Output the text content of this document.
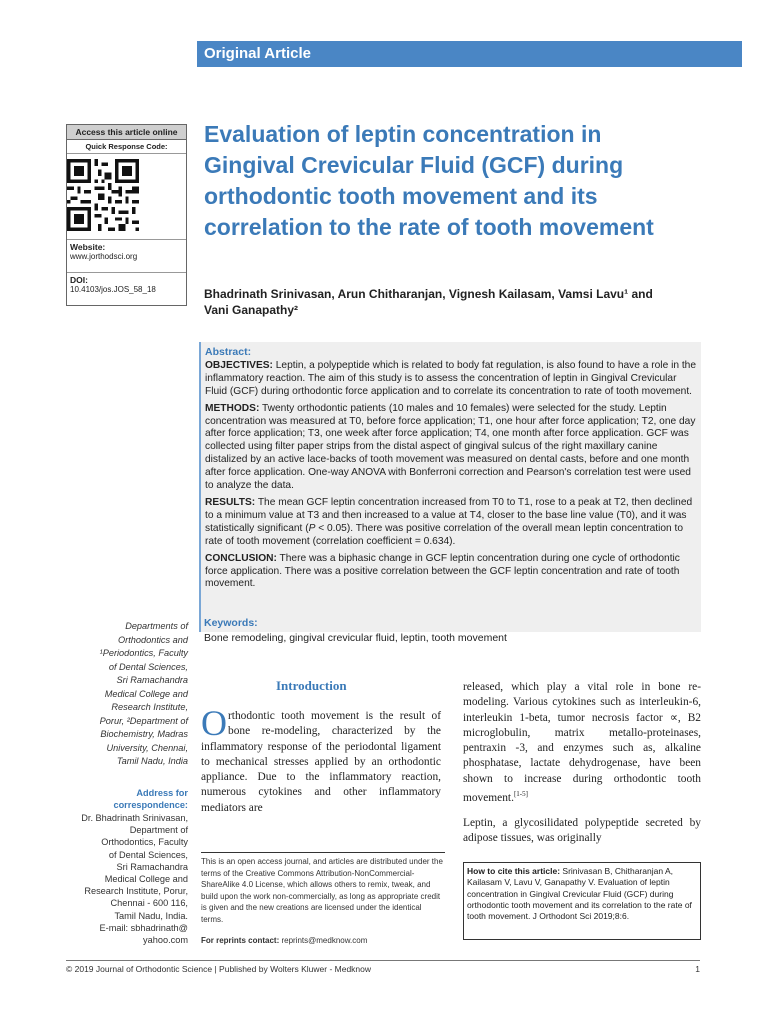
Original Article
Access this article online
Quick Response Code:
Website:
www.jorthodsci.org
DOI:
10.4103/jos.JOS_58_18
Evaluation of leptin concentration in Gingival Crevicular Fluid (GCF) during orthodontic tooth movement and its correlation to the rate of tooth movement
Bhadrinath Srinivasan, Arun Chitharanjan, Vignesh Kailasam, Vamsi Lavu¹ and
Vani Ganapathy²
Abstract:

OBJECTIVES: Leptin, a polypeptide which is related to body fat regulation, is also found to have a role in the inflammatory reaction. The aim of this study is to assess the concentration of leptin in Gingival Crevicular Fluid (GCF) during orthodontic force application and to correlate its concentration to rate of tooth movement.

METHODS: Twenty orthodontic patients (10 males and 10 females) were selected for the study. Leptin concentration was measured at T0, before force application; T1, one hour after force application; T2, one day after force application; T3, one week after force application; T4, one month after force application. GCF was collected using filter paper strips from the distal aspect of gingival sulcus of the right maxillary canine distalized by an active lace-backs of tooth movement was measured on dental casts, before and one month after force application. One-way ANOVA with Bonferroni correction and Pearson's correlation test were used to analyze the data.

RESULTS: The mean GCF leptin concentration increased from T0 to T1, rose to a peak at T2, then declined to a minimum value at T3 and then increased to a value at T4, closer to the base line value (T0), and it was statistically significant (P < 0.05). There was positive correlation of the overall mean leptin concentration to rate of tooth movement (correlation coefficient = 0.634).

CONCLUSION: There was a biphasic change in GCF leptin concentration during one cycle of orthodontic force application. There was a positive correlation between the GCF leptin concentration and rate of tooth movement.

Keywords:
Bone remodeling, gingival crevicular fluid, leptin, tooth movement
Departments of
Orthodontics and
¹Periodontics, Faculty
of Dental Sciences,
Sri Ramachandra
Medical College and
Research Institute,
Porur, ²Department of
Biochemistry, Madras
University, Chennai,
Tamil Nadu, India
Address for
correspondence:
Dr. Bhadrinath Srinivasan,
Department of
Orthodontics, Faculty
of Dental Sciences,
Sri Ramachandra
Medical College and
Research Institute, Porur,
Chennai - 600 116,
Tamil Nadu, India.
E-mail: sbhadrinath@
yahoo.com
Introduction
Orthodontic tooth movement is the result of bone re-modeling, characterized by the inflammatory response of the periodontal ligament to mechanical stresses applied by an orthodontic appliance. Due to the inflammatory reaction, numerous cytokines and other inflammatory mediators are

released, which play a vital role in bone re-modeling. Various cytokines such as interleukin-6, interleukin 1-beta, tumor necrosis factor ∝, B2 microglobulin, matrix metallo-proteinases, pentraxin -3, and enzymes such as, alkaline phosphatase, lactate dehydrogenase, have been shown to increase during orthodontic tooth movement.[1-5]

Leptin, a glycosilidated polypeptide secreted by adipose tissues, was originally

This is an open access journal, and articles are distributed under the terms of the Creative Commons Attribution-NonCommercial-ShareAlike 4.0 License, which allows others to remix, tweak, and build upon the work non-commercially, as long as appropriate credit is given and the new creations are licensed under the identical terms.
For reprints contact: reprints@medknow.com
How to cite this article: Srinivasan B, Chitharanjan A, Kailasam V, Lavu V, Ganapathy V. Evaluation of leptin concentration in Gingival Crevicular Fluid (GCF) during orthodontic tooth movement and its correlation to the rate of tooth movement. J Orthodont Sci 2019;8:6.
© 2019 Journal of Orthodontic Science | Published by Wolters Kluwer - Medknow	1
